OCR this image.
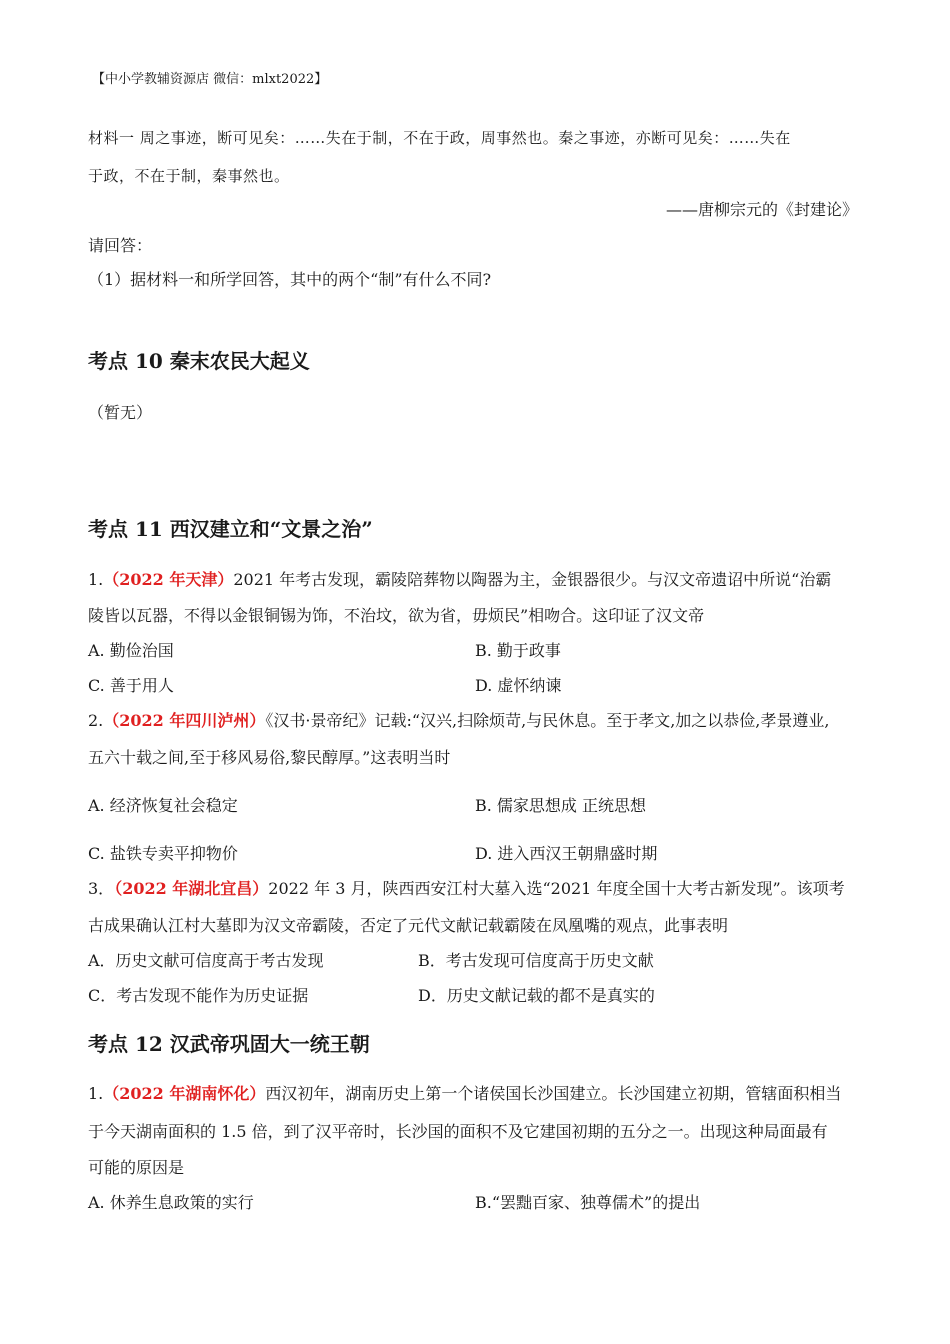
【中小学教辅资源店 微信：mlxt2022】
材料一 周之事迹，断可见矣：……失在于制，不在于政，周事然也。秦之事迹，亦断可见矣：……失在
于政，不在于制，秦事然也。
——唐柳宗元的《封建论》
请回答：
（1）据材料一和所学回答，其中的两个“制”有什么不同?
考点 10 秦末农民大起义
（暂无）
考点 11 西汉建立和“文景之治”
1.（2022 年天津）2021 年考古发现，霸陵陪葬物以陶器为主，金银器很少。与汉文帝遗诏中所说“治霸
陵皆以瓦器，不得以金银铜锡为饰，不治坟，欲为省，毋烦民”相吻合。这印证了汉文帝
A. 勤俭治国	B. 勤于政事
C. 善于用人	D. 虚怀纳谏
2.（2022 年四川泸州）《汉书·景帝纪》记载:“汉兴,扫除烦苛,与民休息。至于孝文,加之以恭俭,孝景遵业,
五六十载之间,至于移风易俗,黎民醇厚。”这表明当时
A. 经济恢复社会稳定	B. 儒家思想成 正统思想
C. 盐铁专卖平抑物价	D. 进入西汉王朝鼎盛时期
3．（2022 年湖北宜昌）2022 年 3 月，陕西西安江村大墓入选“2021 年度全国十大考古新发现”。该项考
古成果确认江村大墓即为汉文帝霸陵，否定了元代文献记载霸陵在凤凰嘴的观点，此事表明
A．历史文献可信度高于考古发现	B．考古发现可信度高于历史文献
C．考古发现不能作为历史证据	D．历史文献记载的都不是真实的
考点 12 汉武帝巩固大一统王朝
1.（2022 年湖南怀化）西汉初年，湖南历史上第一个诸侯国长沙国建立。长沙国建立初期，管辖面积相当
于今天湖南面积的 1.5 倍，到了汉平帝时，长沙国的面积不及它建国初期的五分之一。出现这种局面最有
可能的原因是
A. 休养生息政策的实行	B.“罢黜百家、独尊儒术”的提出
